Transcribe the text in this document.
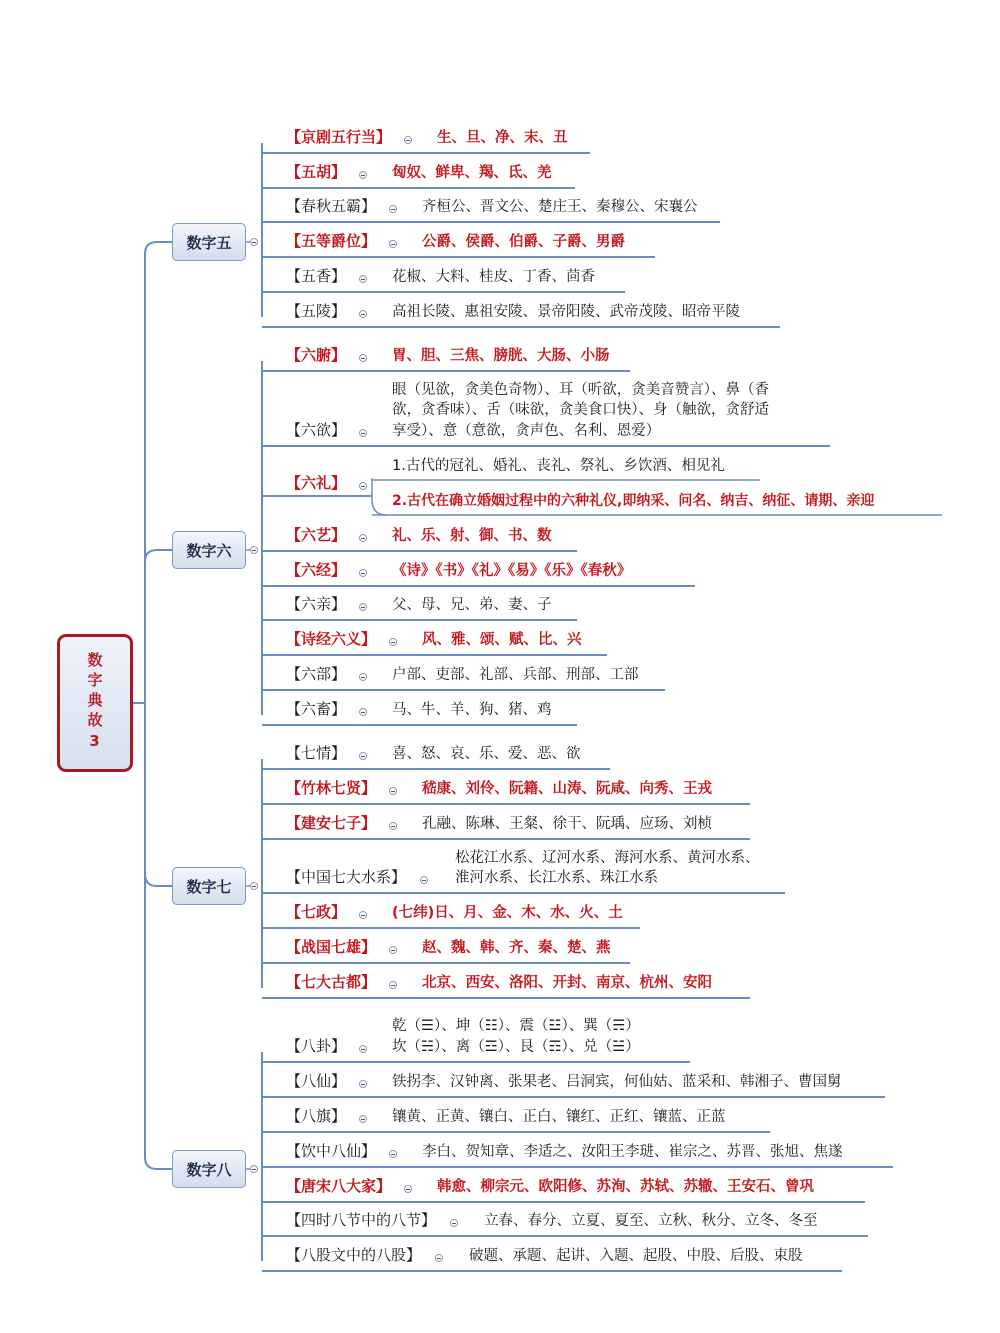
数字典故3
数字五
数字六
数字七
数字八
【京剧五行当】	生、旦、净、末、丑
【五胡】	匈奴、鲜卑、羯、氐、羌
【春秋五霸】	齐桓公、晋文公、楚庄王、秦穆公、宋襄公
【五等爵位】	公爵、侯爵、伯爵、子爵、男爵
【五香】	花椒、大料、桂皮、丁香、茴香
【五陵】	高祖长陵、惠祖安陵、景帝阳陵、武帝茂陵、昭帝平陵
【六腑】	胃、胆、三焦、膀胱、大肠、小肠
【六欲】
眼（见欲，贪美色奇物）、耳（听欲，贪美音赞言）、鼻（香
欲，贪香味）、舌（味欲，贪美食口快）、身（触欲，贪舒适
享受）、意（意欲，贪声色、名利、恩爱）
【六礼】
1.古代的冠礼、婚礼、丧礼、祭礼、乡饮酒、相见礼
2.古代在确立婚姻过程中的六种礼仪,即纳采、问名、纳吉、纳征、请期、亲迎
【六艺】	礼、乐、射、御、书、数
【六经】	《诗》《书》《礼》《易》《乐》《春秋》
【六亲】	父、母、兄、弟、妻、子
【诗经六义】	风、雅、颂、赋、比、兴
【六部】	户部、吏部、礼部、兵部、刑部、工部
【六畜】	马、牛、羊、狗、猪、鸡
【七情】	喜、怒、哀、乐、爱、恶、欲
【竹林七贤】	嵇康、刘伶、阮籍、山涛、阮咸、向秀、王戎
【建安七子】	孔融、陈琳、王粲、徐干、阮瑀、应玚、刘桢
【中国七大水系】
松花江水系、辽河水系、海河水系、黄河水系、
淮河水系、长江水系、珠江水系
【七政】	(七纬)日、月、金、木、水、火、土
【战国七雄】	赵、魏、韩、齐、秦、楚、燕
【七大古都】	北京、西安、洛阳、开封、南京、杭州、安阳
【八卦】
乾（☰）、坤（☷）、震（☳）、巽（☴）
坎（☵）、离（☲）、艮（☶）、兑（☱）
【八仙】	铁拐李、汉钟离、张果老、吕洞宾，何仙姑、蓝采和、韩湘子、曹国舅
【八旗】	镶黄、正黄、镶白、正白、镶红、正红、镶蓝、正蓝
【饮中八仙】	李白、贺知章、李适之、汝阳王李琎、崔宗之、苏晋、张旭、焦遂
【唐宋八大家】	韩愈、柳宗元、欧阳修、苏洵、苏轼、苏辙、王安石、曾巩
【四时八节中的八节】	立春、春分、立夏、夏至、立秋、秋分、立冬、冬至
【八股文中的八股】	破题、承题、起讲、入题、起股、中股、后股、束股
